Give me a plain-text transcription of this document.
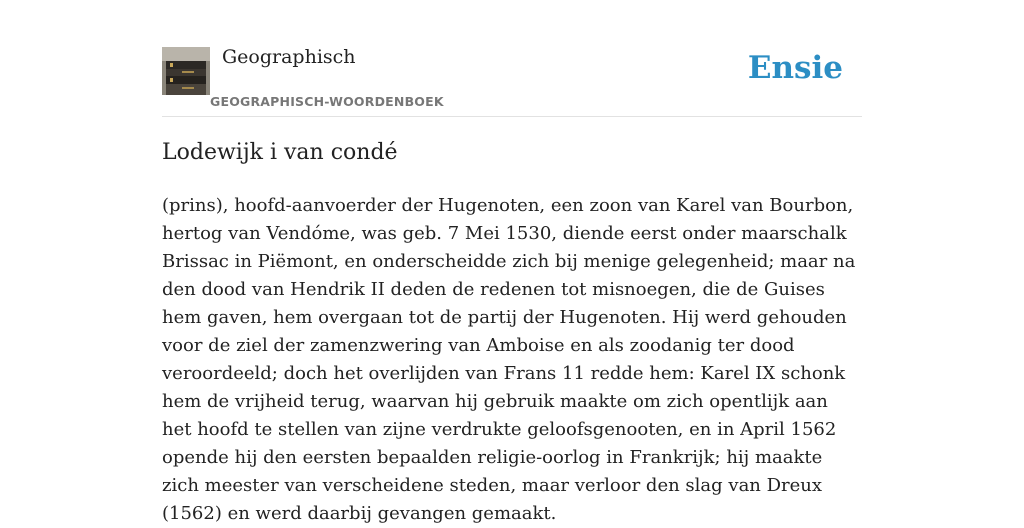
Geographisch
GEOGRAPHISCH-WOORDENBOEK
Ensie
Lodewijk i van condé

(prins), hoofd-aanvoerder der Hugenoten, een zoon van Karel van Bourbon, hertog van Vendóme, was geb. 7 Mei 1530, diende eerst onder maarschalk Brissac in Piëmont, en onderscheidde zich bij menige gelegenheid; maar na den dood van Hendrik II deden de redenen tot misnoegen, die de Guises hem gaven, hem overgaan tot de partij der Hugenoten. Hij werd gehouden voor de ziel der zamenzwering van Amboise en als zoodanig ter dood veroordeeld; doch het overlijden van Frans 11 redde hem: Karel IX schonk hem de vrijheid terug, waarvan hij gebruik maakte om zich opentlijk aan het hoofd te stellen van zijne verdrukte geloofsgenooten, en in April 1562 opende hij den eersten bepaalden religie-oorlog in Frankrijk; hij maakte zich meester van verscheidene steden, maar verloor den slag van Dreux (1562) en werd daarbij gevangen gemaakt.
